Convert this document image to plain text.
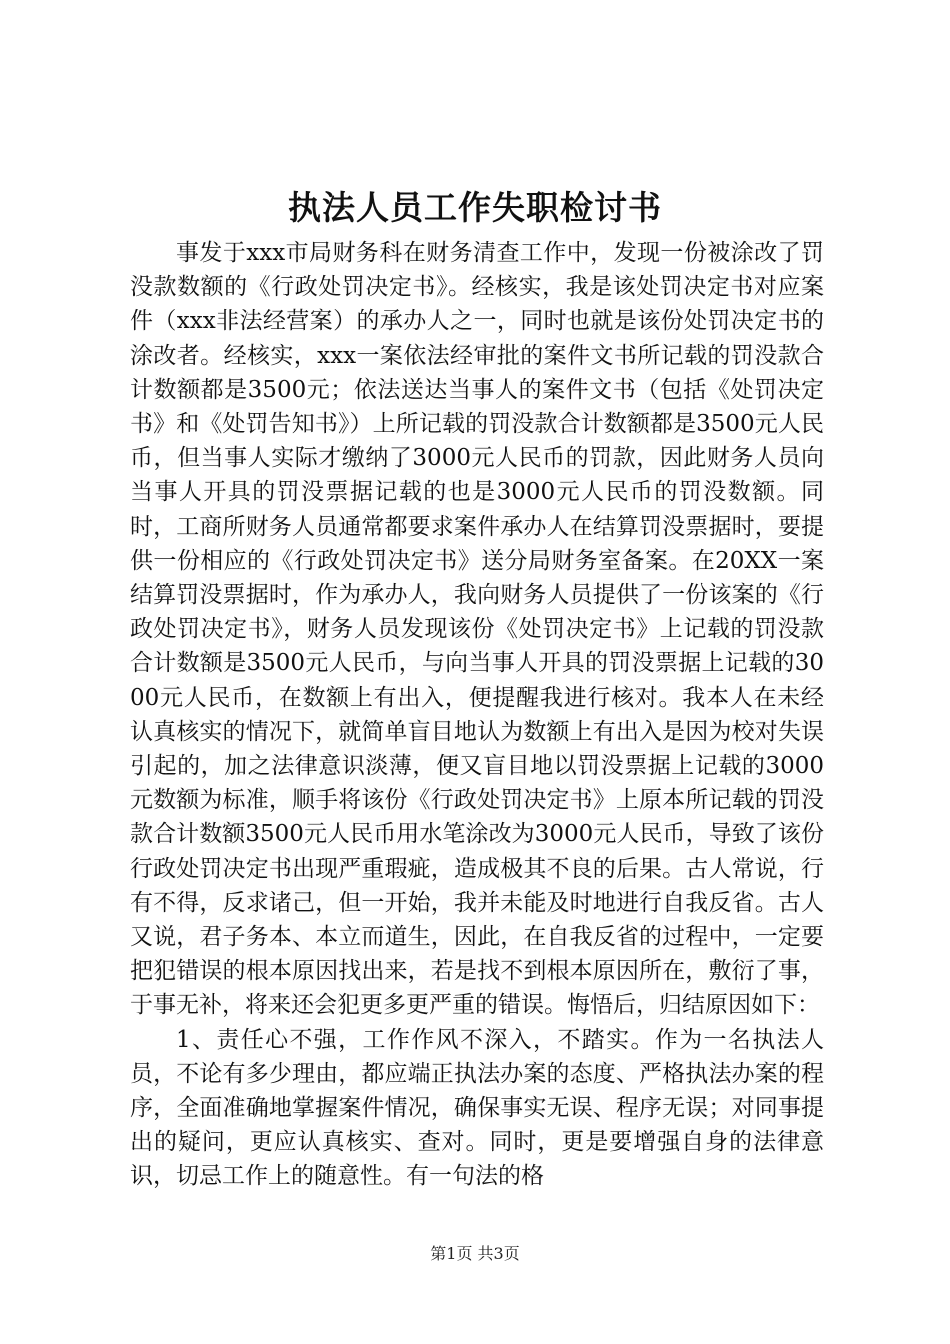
执法人员工作失职检讨书

事发于xxx市局财务科在财务清查工作中，发现一份被涂改了罚没款数额的《行政处罚决定书》。经核实，我是该处罚决定书对应案件（xxx非法经营案）的承办人之一，同时也就是该份处罚决定书的涂改者。经核实，xxx一案依法经审批的案件文书所记载的罚没款合计数额都是3500元；依法送达当事人的案件文书（包括《处罚决定书》和《处罚告知书》）上所记载的罚没款合计数额都是3500元人民币，但当事人实际才缴纳了3000元人民币的罚款，因此财务人员向当事人开具的罚没票据记载的也是3000元人民币的罚没数额。同时，工商所财务人员通常都要求案件承办人在结算罚没票据时，要提供一份相应的《行政处罚决定书》送分局财务室备案。在20XX一案结算罚没票据时，作为承办人，我向财务人员提供了一份该案的《行政处罚决定书》，财务人员发现该份《处罚决定书》上记载的罚没款合计数额是3500元人民币，与向当事人开具的罚没票据上记载的3000元人民币，在数额上有出入，便提醒我进行核对。我本人在未经认真核实的情况下，就简单盲目地认为数额上有出入是因为校对失误引起的，加之法律意识淡薄，便又盲目地以罚没票据上记载的3000元数额为标准，顺手将该份《行政处罚决定书》上原本所记载的罚没款合计数额3500元人民币用水笔涂改为3000元人民币，导致了该份行政处罚决定书出现严重瑕疵，造成极其不良的后果。古人常说，行有不得，反求诸己，但一开始，我并未能及时地进行自我反省。古人又说，君子务本、本立而道生，因此，在自我反省的过程中，一定要把犯错误的根本原因找出来，若是找不到根本原因所在，敷衍了事，于事无补，将来还会犯更多更严重的错误。悔悟后，归结原因如下：

1、责任心不强，工作作风不深入，不踏实。作为一名执法人员，不论有多少理由，都应端正执法办案的态度、严格执法办案的程序，全面准确地掌握案件情况，确保事实无误、程序无误；对同事提出的疑问，更应认真核实、查对。同时，更是要增强自身的法律意识，切忌工作上的随意性。有一句法的格

第1页 共3页
